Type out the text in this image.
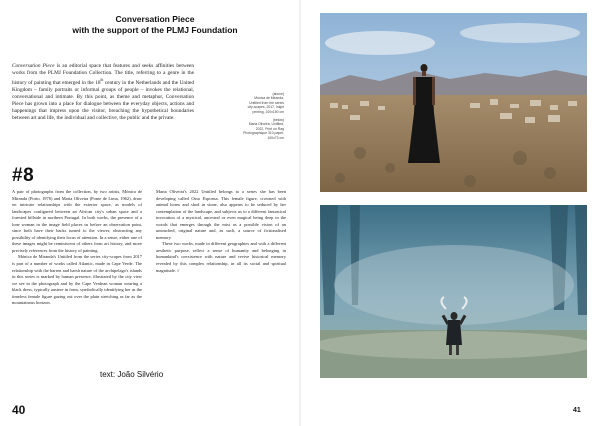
Conversation Piece
with the support of the PLMJ Foundation
Conversation Piece is an editorial space that features and seeks affinities between works from the PLMJ Foundation Collection. The title, referring to a genre in the history of painting that emerged in the 18th century in the Netherlands and the United Kingdom – family portraits or informal groups of people – invokes the relational, conversational and intimate. By this point, as theme and metaphor, Conversation Piece has grown into a place for dialogue between the everyday objects, actions and happenings that impress upon the visitor, breaching the hypothetical boundaries between art and life, the individual and collective, the public and the private.

(above)
Mónica de Miranda,
Untitled from the series
city-scapes, 2017, Inkjet
printing, 100x150 cm

(below)
Maria Oliveira, Untitled,
2022, Print on Rag
Photographique 310 paper,
100x73 cm

#8

A pair of photographs from the collection, by two artists, Mónica de Miranda (Porto, 1976) and Maria Oliveira (Ponte de Lima, 1962), draw on intricate relationships with the exterior space, as models of landscapes configured between an African city's urban space and a forested hillside in northern Portugal. In both works, the presence of a lone woman in the image field places us before an observation point, since both have their backs turned to the viewer, obstructing any possibility of identifying their locus of attention. In a sense, either one of these images might be reminiscent of others from art history, and more precisely references from the history of painting.

Mónica de Miranda's Untitled from the series city-scapes from 2017 is part of a number of works called Atlantic, made in Cape Verde. The relationship with the barren and harsh nature of the archipelago's islands in this series is marked by human presence, illustrated by the city view we see in the photograph and by the Cape Verdean woman wearing a black dress, typically austere in form, symbolically identifying her as the timeless female figure gazing out over the plain stretching as far as the mountainous horizon.

Maria Oliveira's 2022 Untitled belongs to a series she has been developing called Osso Esponsa. This female figure, crowned with animal horns and shod in stone, also appears to be seduced by her contemplation of the landscape, and subjects us to a different fantastical invocation of a mystical, ancestral or even magical being deep in the woods that emerges through the mist as a possible vision of an untouched, original nature and, as such, a source of fictionalised memory.

These two works, made in different geographies and with a different aesthetic purpose, reflect a sense of humanity and belonging in humankind's coexistence with nature and revive historical memory revealed by this complex relationship, in all its social and spiritual magnitude. //

text: João Silvério
40	41
